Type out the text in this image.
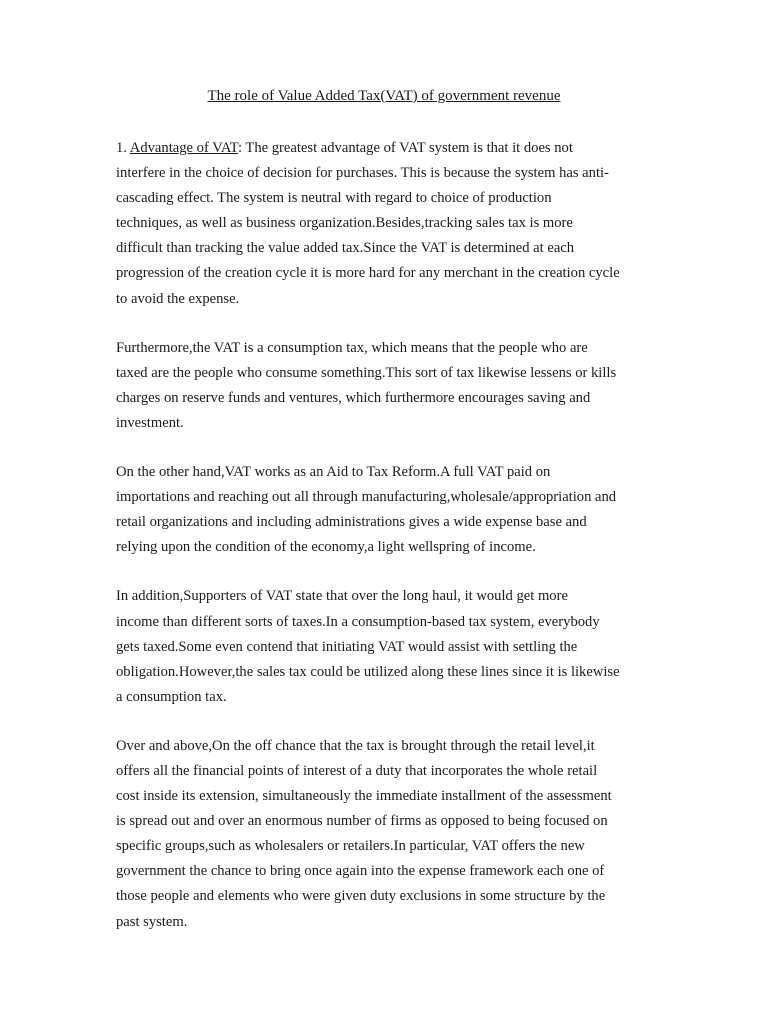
The role of Value Added Tax(VAT) of government revenue

1. Advantage of VAT: The greatest advantage of VAT system is that it does not
interfere in the choice of decision for purchases. This is because the system has anti-
cascading effect. The system is neutral with regard to choice of production
techniques, as well as business organization.Besides,tracking sales tax is more
difficult than tracking the value added tax.Since the VAT is determined at each
progression of the creation cycle it is more hard for any merchant in the creation cycle
to avoid the expense.

Furthermore,the VAT is a consumption tax, which means that the people who are
taxed are the people who consume something.This sort of tax likewise lessens or kills
charges on reserve funds and ventures, which furthermore encourages saving and
investment.

On the other hand,VAT works as an Aid to Tax Reform.A full VAT paid on
importations and reaching out all through manufacturing,wholesale/appropriation and
retail organizations and including administrations gives a wide expense base and
relying upon the condition of the economy,a light wellspring of income.

In addition,Supporters of VAT state that over the long haul, it would get more
income than different sorts of taxes.In a consumption-based tax system, everybody
gets taxed.Some even contend that initiating VAT would assist with settling the
obligation.However,the sales tax could be utilized along these lines since it is likewise
a consumption tax.

Over and above,On the off chance that the tax is brought through the retail level,it
offers all the financial points of interest of a duty that incorporates the whole retail
cost inside its extension, simultaneously the immediate installment of the assessment
is spread out and over an enormous number of firms as opposed to being focused on
specific groups,such as wholesalers or retailers.In particular, VAT offers the new
government the chance to bring once again into the expense framework each one of
those people and elements who were given duty exclusions in some structure by the
past system.
